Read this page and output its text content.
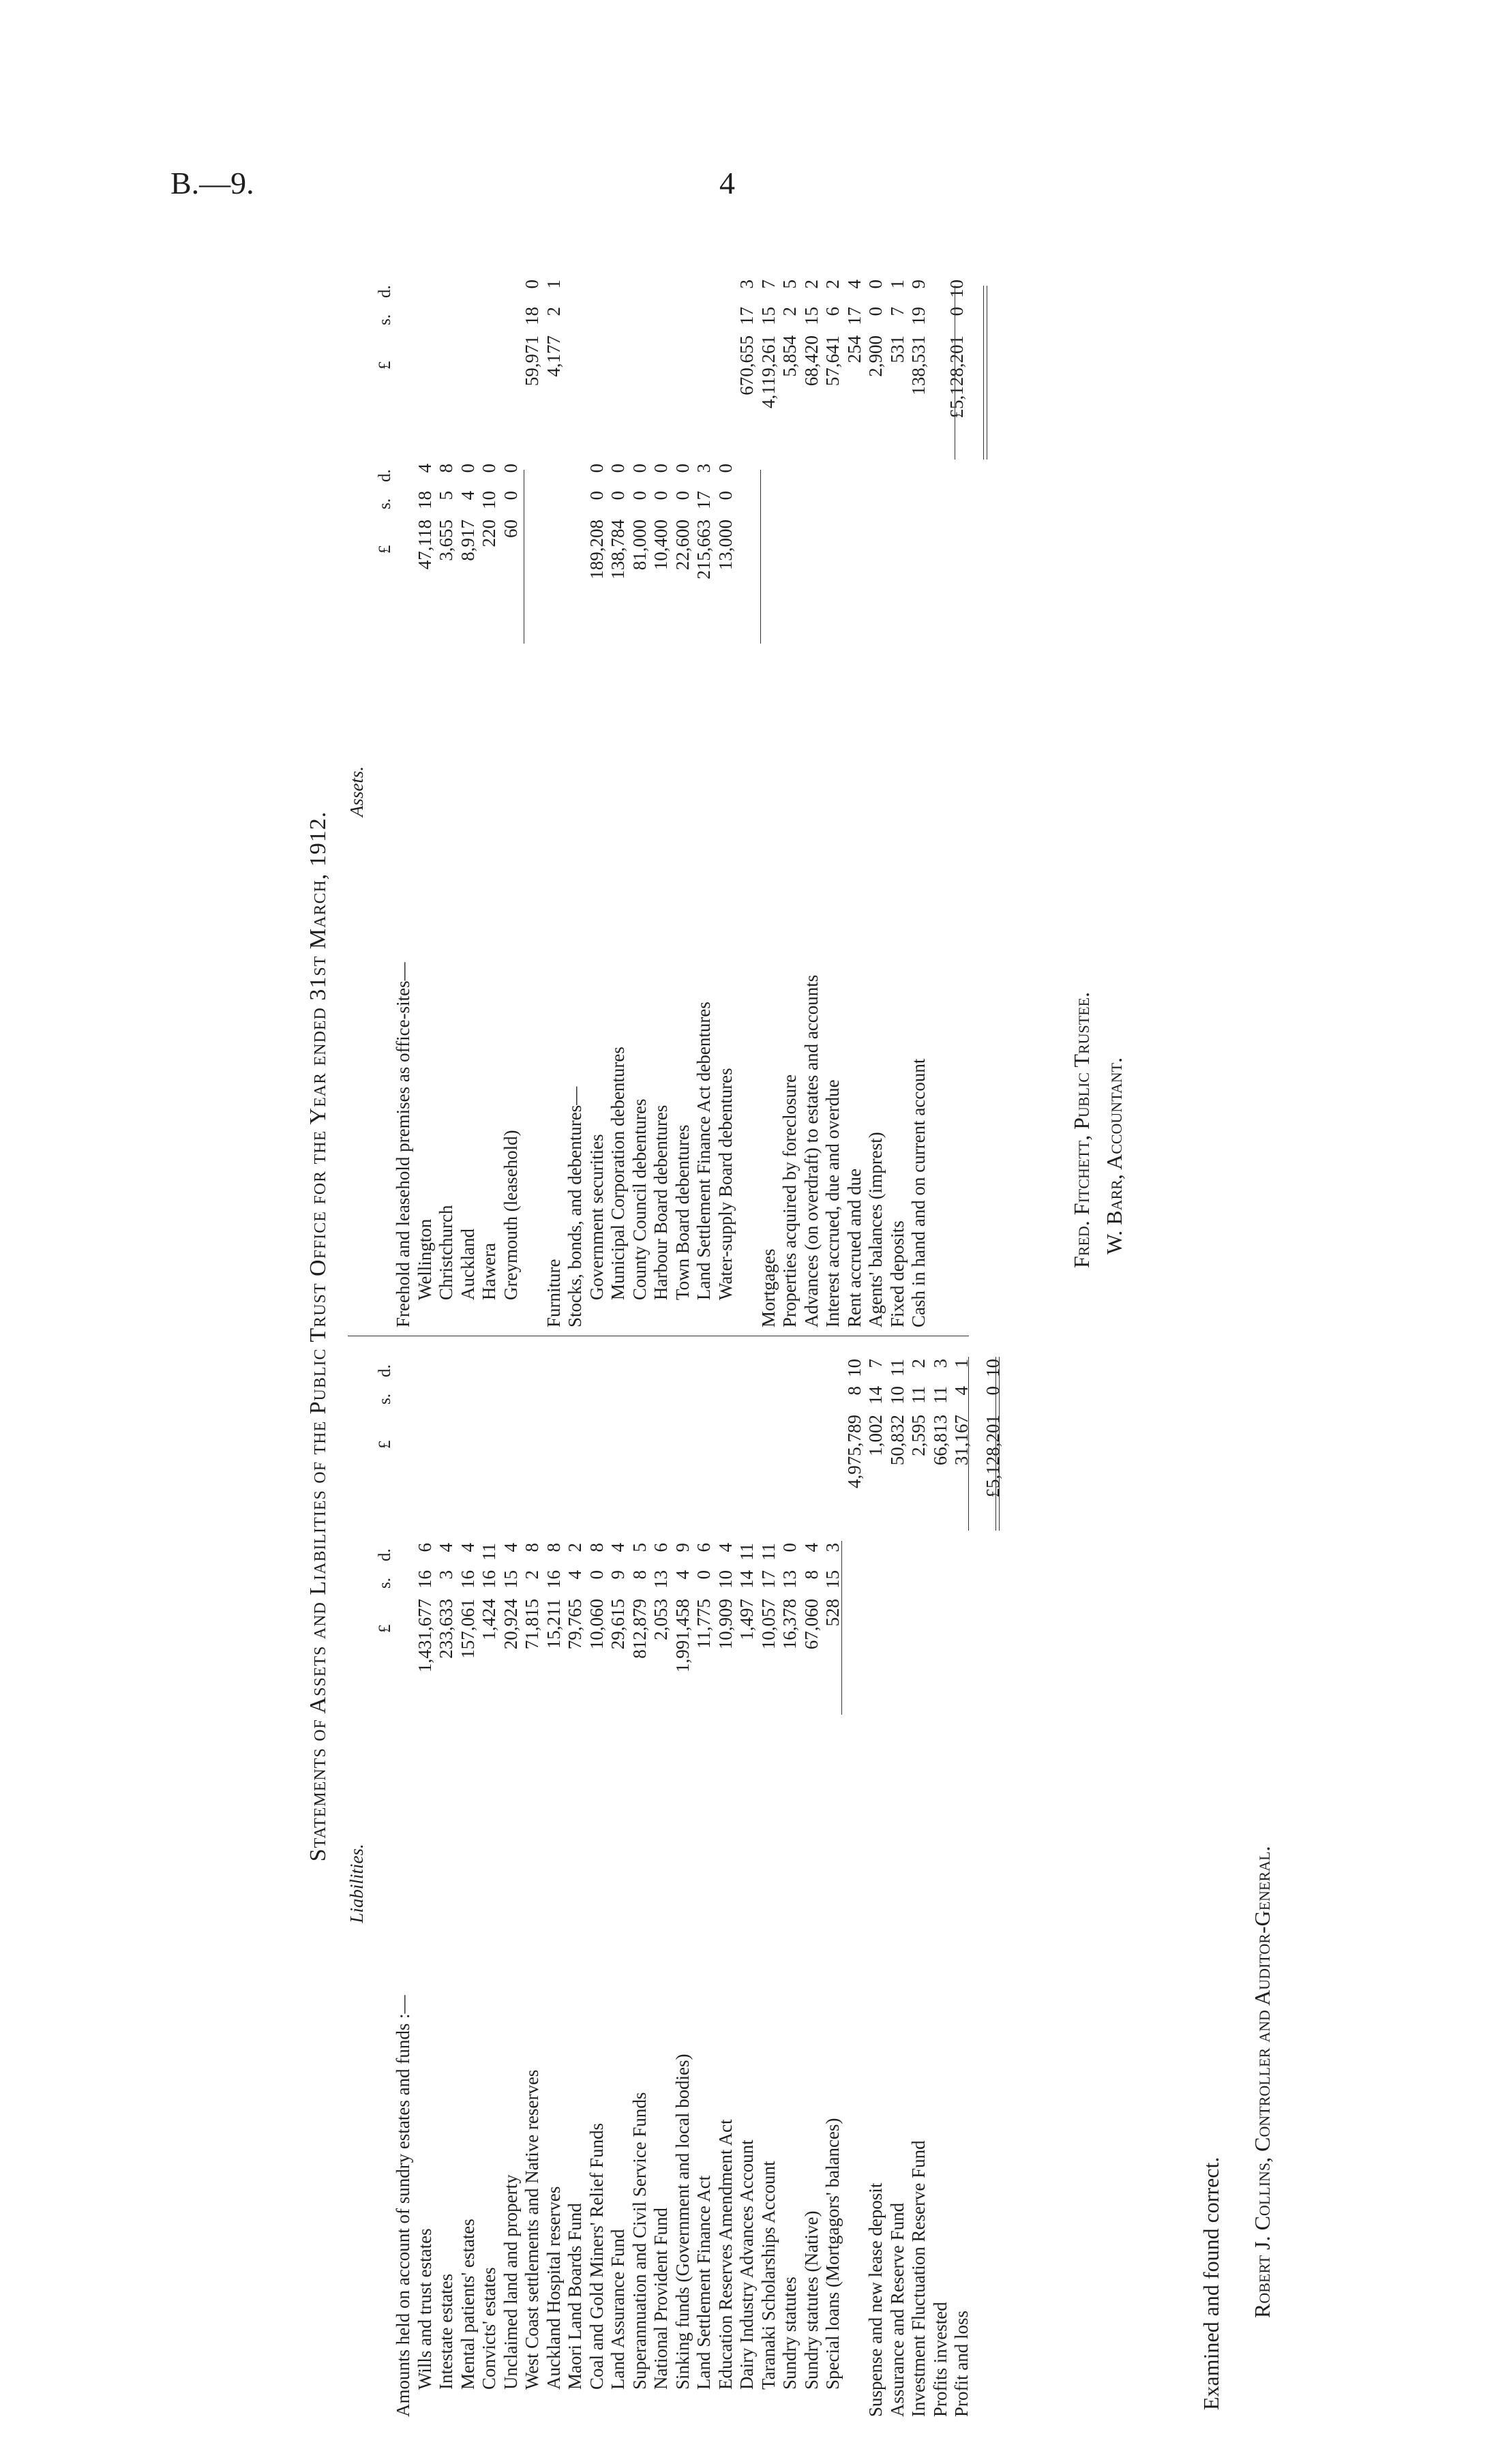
B.—9.	4
Statements of Assets and Liabilities of the Public Trust Office for the Year ended 31st March, 1912.
Liabilities.
£
s.
d.
£
s.
d.
Amounts held on account of sundry estates and funds :— Wills and trust estates
1,431,677
16
6
Intestate estates
233,633
3
4
Mental patients' estates
157,061
16
4
Convicts' estates
1,424
16
11
Unclaimed land and property
20,924
15
4
West Coast settlements and Native reserves
71,815
2
8
Auckland Hospital reserves
15,211
16
8
Maori Land Boards Fund
79,765
4
2
Coal and Gold Miners' Relief Funds
10,060
0
8
Land Assurance Fund
29,615
9
4
Superannuation and Civil Service Funds
812,879
8
5
National Provident Fund
2,053
13
6
Sinking funds (Government and local bodies)
1,991,458
4
9
Land Settlement Finance Act
11,775
0
6
Education Reserves Amendment Act
10,909
10
4
Dairy Industry Advances Account
1,497
14
11
Taranaki Scholarships Account
10,057
17
11
Sundry statutes
16,378
13
0
Sundry statutes (Native)
67,060
8
4
Special loans (Mortgagors' balances)
528
15
3
4,975,789
8
10
Suspense and new lease deposit
1,002
14
7
Assurance and Reserve Fund
50,832
10
11
Investment Fluctuation Reserve Fund
2,595
11
2
Profits invested
66,813
11
3
Profit and loss
31,167
4
1
£5,128,201
0
10
Assets.
£
s.
d.
£
s.
d.
Freehold and leasehold premises as office-sites— Wellington
47,118
18
4
Christchurch
3,655
5
8
Auckland
8,917
4
0
Hawera
220
10
0
Greymouth (leasehold)
60
0
0
59,971
18
0
Furniture
4,177
2
1
Stocks, bonds, and debentures— Government securities
189,208
0
0
Municipal Corporation debentures
138,784
0
0
County Council debentures
81,000
0
0
Harbour Board debentures
10,400
0
0
Town Board debentures
22,600
0
0
Land Settlement Finance Act debentures
215,663
17
3
Water-supply Board debentures
13,000
0
0
670,655
17
3
Mortgages
4,119,261
15
7
Properties acquired by foreclosure
5,854
2
5
Advances (on overdraft) to estates and accounts
68,420
15
2
Interest accrued, due and overdue
57,641
6
2
Rent accrued and due
254
17
4
Agents' balances (imprest)
2,900
0
0
Fixed deposits
531
7
1
Cash in hand and on current account
138,531
19
9
£5,128,201
0
10
Examined and found correct. Robert J. Collins, Controller and Auditor-General.
Fred. Fitchett, Public Trustee. W. Barr, Accountant.
